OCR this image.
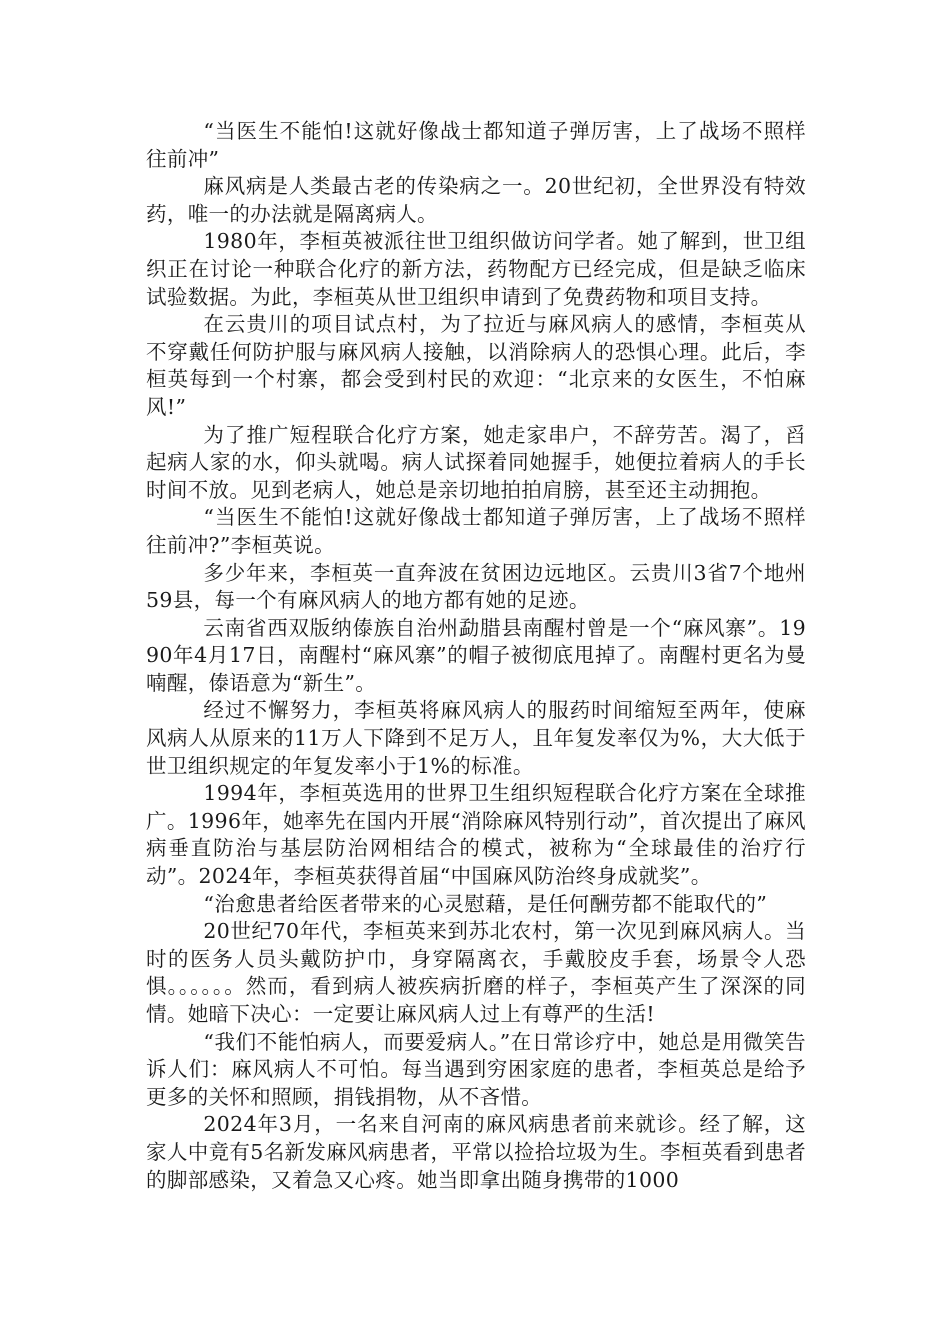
“当医生不能怕!这就好像战士都知道子弹厉害，上了战场不照样往前冲”

麻风病是人类最古老的传染病之一。20世纪初，全世界没有特效药，唯一的办法就是隔离病人。

1980年，李桓英被派往世卫组织做访问学者。她了解到，世卫组织正在讨论一种联合化疗的新方法，药物配方已经完成，但是缺乏临床试验数据。为此，李桓英从世卫组织申请到了免费药物和项目支持。

在云贵川的项目试点村，为了拉近与麻风病人的感情，李桓英从不穿戴任何防护服与麻风病人接触，以消除病人的恐惧心理。此后，李桓英每到一个村寨，都会受到村民的欢迎：“北京来的女医生，不怕麻风!”

为了推广短程联合化疗方案，她走家串户，不辞劳苦。渴了，舀起病人家的水，仰头就喝。病人试探着同她握手，她便拉着病人的手长时间不放。见到老病人，她总是亲切地拍拍肩膀，甚至还主动拥抱。

“当医生不能怕!这就好像战士都知道子弹厉害，上了战场不照样往前冲?”李桓英说。

多少年来，李桓英一直奔波在贫困边远地区。云贵川3省7个地州59县，每一个有麻风病人的地方都有她的足迹。

云南省西双版纳傣族自治州勐腊县南醒村曾是一个“麻风寨”。1990年4月17日，南醒村“麻风寨”的帽子被彻底甩掉了。南醒村更名为曼喃醒，傣语意为“新生”。

经过不懈努力，李桓英将麻风病人的服药时间缩短至两年，使麻风病人从原来的11万人下降到不足万人，且年复发率仅为%，大大低于世卫组织规定的年复发率小于1%的标准。

1994年，李桓英选用的世界卫生组织短程联合化疗方案在全球推广。1996年，她率先在国内开展“消除麻风特别行动”，首次提出了麻风病垂直防治与基层防治网相结合的模式，被称为“全球最佳的治疗行动”。2024年，李桓英获得首届“中国麻风防治终身成就奖”。

“治愈患者给医者带来的心灵慰藉，是任何酬劳都不能取代的”

20世纪70年代，李桓英来到苏北农村，第一次见到麻风病人。当时的医务人员头戴防护巾，身穿隔离衣，手戴胶皮手套，场景令人恐惧。。。。。。然而，看到病人被疾病折磨的样子，李桓英产生了深深的同情。她暗下决心：一定要让麻风病人过上有尊严的生活!

“我们不能怕病人，而要爱病人。”在日常诊疗中，她总是用微笑告诉人们：麻风病人不可怕。每当遇到穷困家庭的患者，李桓英总是给予更多的关怀和照顾，捐钱捐物，从不吝惜。

2024年3月，一名来自河南的麻风病患者前来就诊。经了解，这家人中竟有5名新发麻风病患者，平常以捡拾垃圾为生。李桓英看到患者的脚部感染，又着急又心疼。她当即拿出随身携带的1000
